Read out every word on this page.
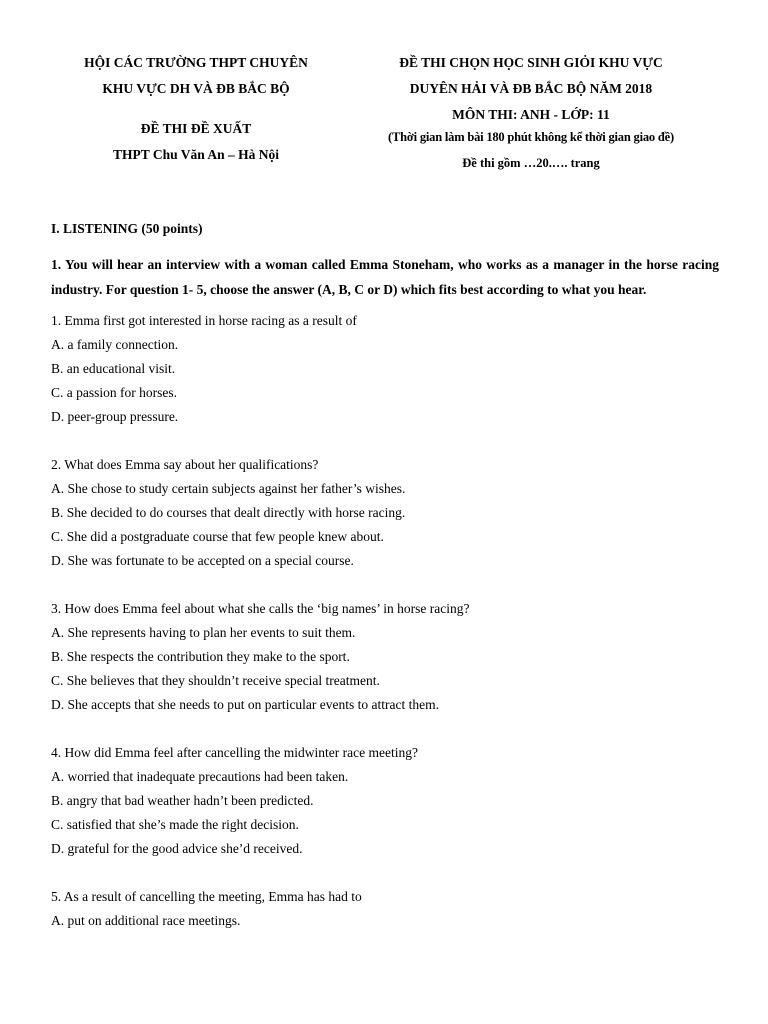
HỘI CÁC TRƯỜNG THPT CHUYÊN
KHU VỰC DH VÀ ĐB BẮC BỘ
ĐỀ THI ĐỀ XUẤT
THPT Chu Văn An – Hà Nội
ĐỀ THI CHỌN HỌC SINH GIỎI KHU VỰC
DUYÊN HẢI VÀ ĐB BẮC BỘ NĂM 2018
MÔN THI: ANH - LỚP: 11
(Thời gian làm bài 180 phút không kể thời gian giao đề)
Đề thi gồm …20.…. trang
I. LISTENING (50 points)
1. You will hear an interview with a woman called Emma Stoneham, who works as a manager in the horse racing industry. For question 1- 5, choose the answer (A, B, C or D) which fits best according to what you hear.
1. Emma first got interested in horse racing as a result of
A. a family connection.
B. an educational visit.
C. a passion for horses.
D. peer-group pressure.
2. What does Emma say about her qualifications?
A. She chose to study certain subjects against her father’s wishes.
B. She decided to do courses that dealt directly with horse racing.
C. She did a postgraduate course that few people knew about.
D. She was fortunate to be accepted on a special course.
3. How does Emma feel about what she calls the ‘big names’ in horse racing?
A. She represents having to plan her events to suit them.
B. She respects the contribution they make to the sport.
C. She believes that they shouldn’t receive special treatment.
D. She accepts that she needs to put on particular events to attract them.
4. How did Emma feel after cancelling the midwinter race meeting?
A. worried that inadequate precautions had been taken.
B. angry that bad weather hadn’t been predicted.
C. satisfied that she’s made the right decision.
D. grateful for the good advice she’d received.
5. As a result of cancelling the meeting, Emma has had to
A. put on additional race meetings.
